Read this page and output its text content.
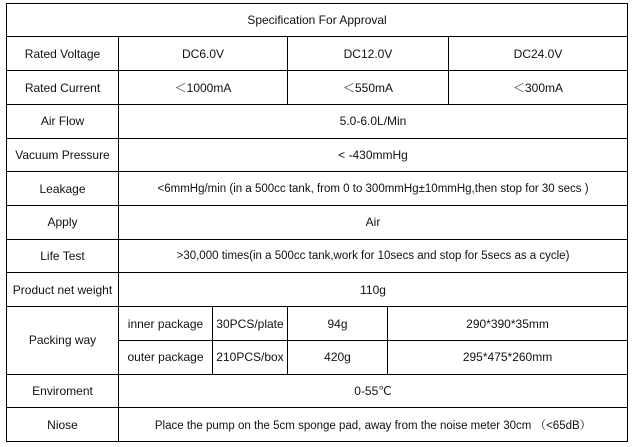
Specification For Approval					
Rated Voltage	DC6.0V		DC12.0V		DC24.0V
Rated Current	＜1000mA		＜550mA		＜300mA
Air Flow	5.0-6.0L/Min				
Vacuum Pressure	< -430mmHg				
Leakage	<6mmHg/min (in a 500cc tank, from 0 to 300mmHg±10mmHg,then stop for 30 secs )				
Apply	Air				
Life Test	>30,000 times(in a 500cc tank,work for 10secs and stop for 5secs as a cycle)				
Product net weight	110g				
Packing way	inner package	30PCS/plate	94g	290*390*35mm	
	outer package	210PCS/box	420g	295*475*260mm	
Enviroment	0-55℃				
Niose	Place the pump on the 5cm sponge pad, away from the noise meter 30cm （<65dB）				
